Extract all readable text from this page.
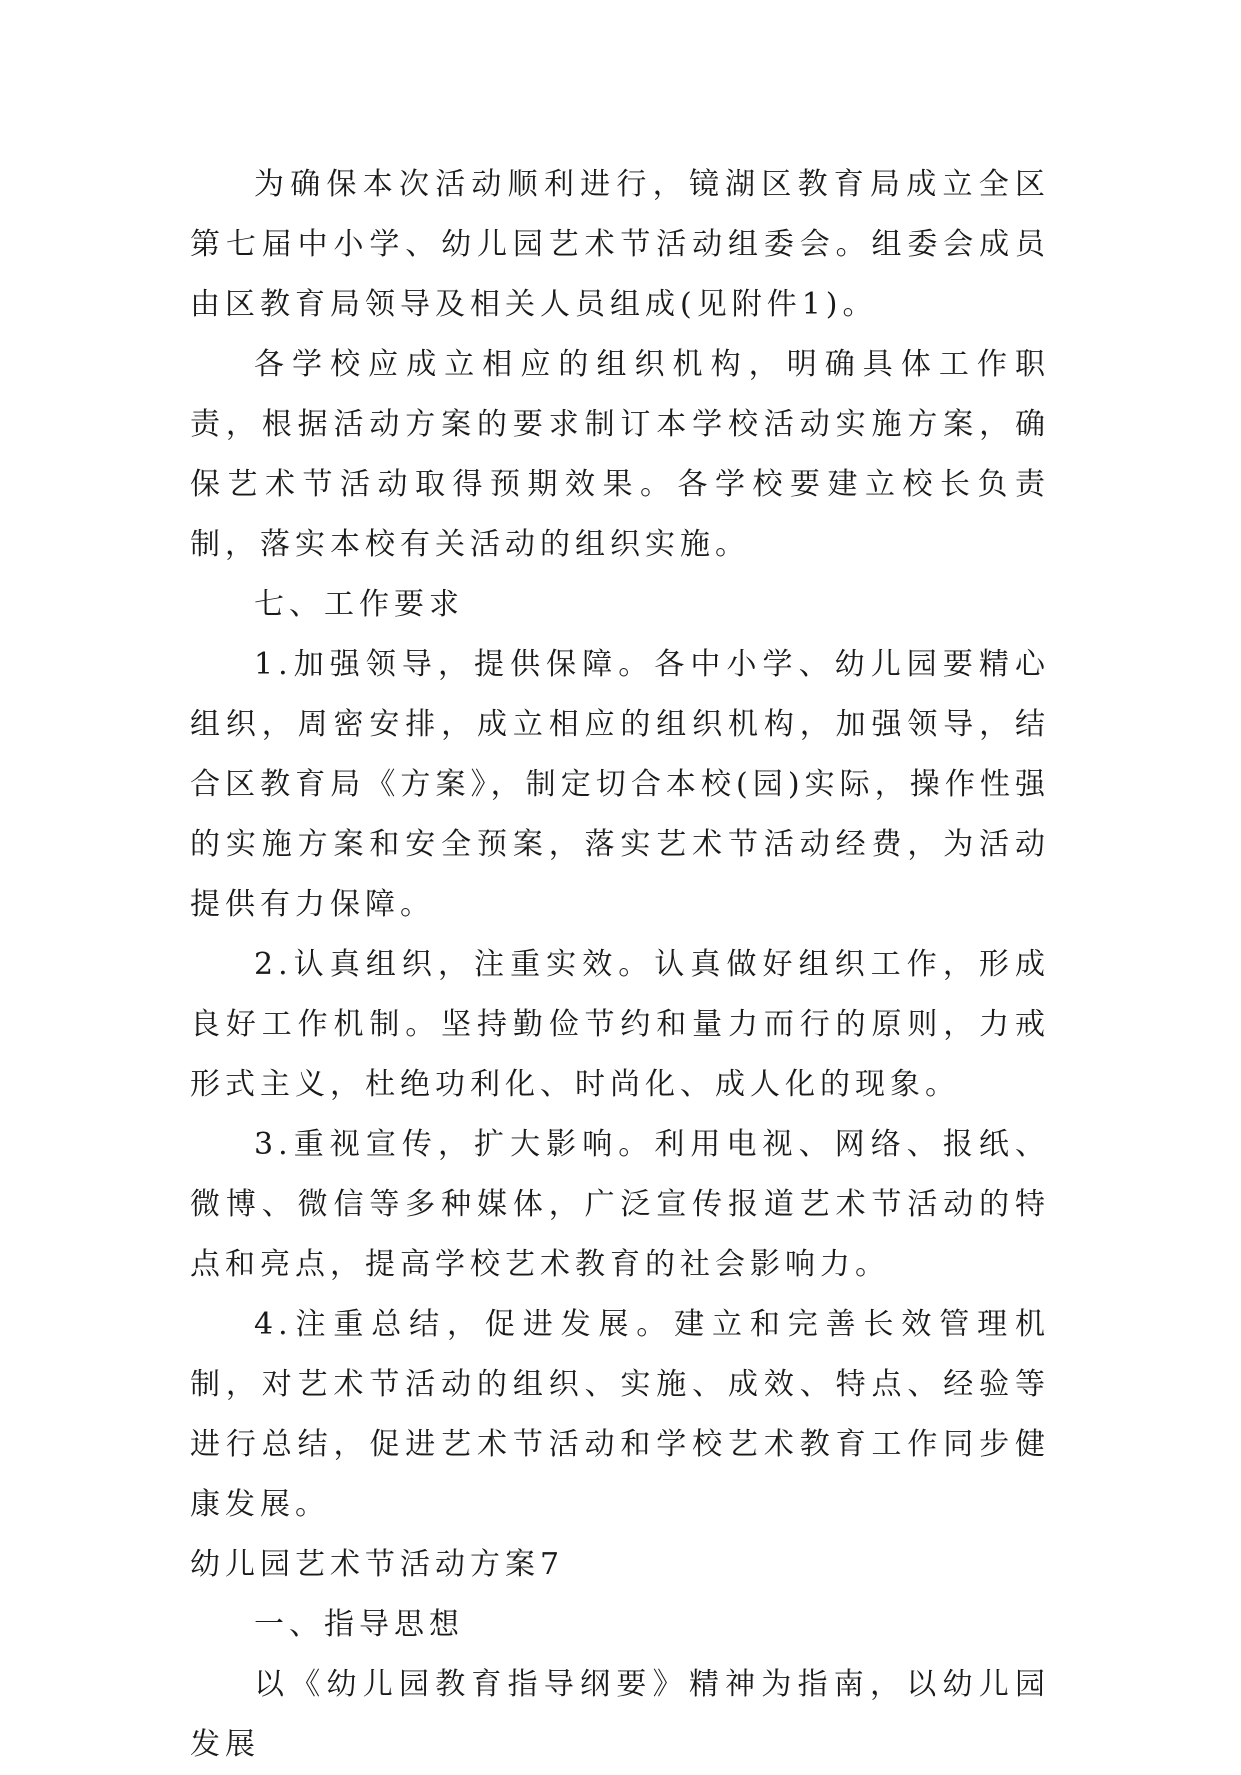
为确保本次活动顺利进行，镜湖区教育局成立全区第七届中小学、幼儿园艺术节活动组委会。组委会成员由区教育局领导及相关人员组成(见附件1)。

各学校应成立相应的组织机构，明确具体工作职责，根据活动方案的要求制订本学校活动实施方案，确保艺术节活动取得预期效果。各学校要建立校长负责制，落实本校有关活动的组织实施。

七、工作要求

1.加强领导，提供保障。各中小学、幼儿园要精心组织，周密安排，成立相应的组织机构，加强领导，结合区教育局《方案》，制定切合本校(园)实际，操作性强的实施方案和安全预案，落实艺术节活动经费，为活动提供有力保障。

2.认真组织，注重实效。认真做好组织工作，形成良好工作机制。坚持勤俭节约和量力而行的原则，力戒形式主义，杜绝功利化、时尚化、成人化的现象。

3.重视宣传，扩大影响。利用电视、网络、报纸、微博、微信等多种媒体，广泛宣传报道艺术节活动的特点和亮点，提高学校艺术教育的社会影响力。

4.注重总结，促进发展。建立和完善长效管理机制，对艺术节活动的组织、实施、成效、特点、经验等进行总结，促进艺术节活动和学校艺术教育工作同步健康发展。

幼儿园艺术节活动方案7

一、指导思想

以《幼儿园教育指导纲要》精神为指南，以幼儿园发展
